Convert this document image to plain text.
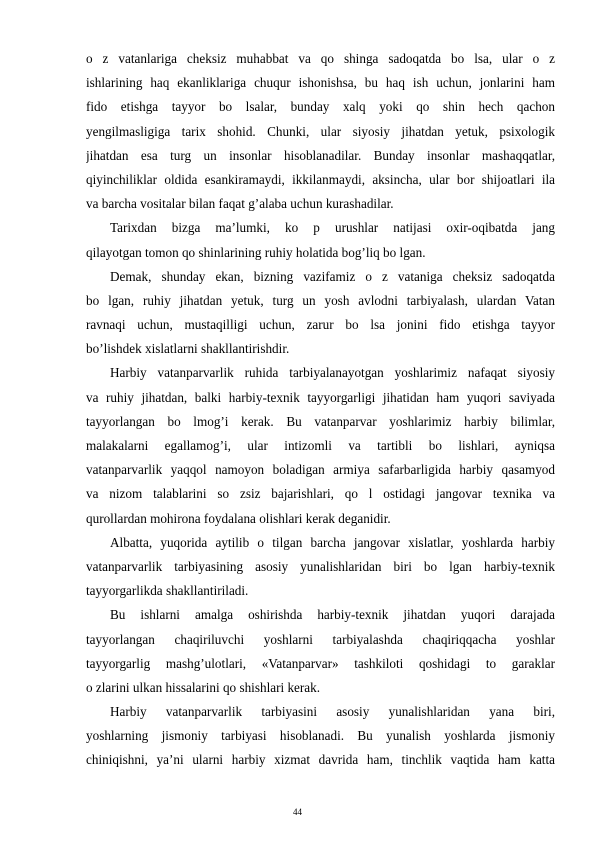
o z vatanlariga cheksiz muhabbat va qo shinga sadoqatda bo lsa, ular o z
ishlarining haq ekanliklariga chuqur ishonishsa, bu haq ish uchun, jonlarini ham
fido etishga tayyor bo lsalar, bunday xalq yoki qo shin hech qachon
yengilmasligiga tarix shohid. Chunki, ular siyosiy jihatdan yetuk, psixologik
jihatdan esa turg un insonlar hisoblanadilar. Bunday insonlar mashaqqatlar,
qiyinchiliklar oldida esankiramaydi, ikkilanmaydi, aksincha, ular bor shijoatlari ila
va barcha vositalar bilan faqat g’alaba uchun kurashadilar.
Tarixdan bizga ma’lumki, ko p urushlar natijasi oxir-oqibatda jang
qilayotgan tomon qo shinlarining ruhiy holatida bog’liq bo lgan.
Demak, shunday ekan, bizning vazifamiz o z vataniga cheksiz sadoqatda
bo lgan, ruhiy jihatdan yetuk, turg un yosh avlodni tarbiyalash, ulardan Vatan
ravnaqi uchun, mustaqilligi uchun, zarur bo lsa jonini fido etishga tayyor
bo’lishdek xislatlarni shakllantirishdir.
Harbiy vatanparvarlik ruhida tarbiyalanayotgan yoshlarimiz nafaqat siyosiy
va ruhiy jihatdan, balki harbiy-texnik tayyorgarligi jihatidan ham yuqori saviyada
tayyorlangan bo lmog’i kerak. Bu vatanparvar yoshlarimiz harbiy bilimlar,
malakalarni egallamog’i, ular intizomli va tartibli bo lishlari, ayniqsa
vatanparvarlik yaqqol namoyon boladigan armiya safarbarligida harbiy qasamyod
va nizom talablarini so zsiz bajarishlari, qo l ostidagi jangovar texnika va
qurollardan mohirona foydalana olishlari kerak deganidir.
Albatta, yuqorida aytilib o tilgan barcha jangovar xislatlar, yoshlarda harbiy
vatanparvarlik tarbiyasining asosiy yunalishlaridan biri bo lgan harbiy-texnik
tayyorgarlikda shakllantiriladi.
Bu ishlarni amalga oshirishda harbiy-texnik jihatdan yuqori darajada
tayyorlangan chaqiriluvchi yoshlarni tarbiyalashda chaqiriqqacha yoshlar
tayyorgarlig mashg’ulotlari, «Vatanparvar» tashkiloti qoshidagi to garaklar
o zlarini ulkan hissalarini qo shishlari kerak.
Harbiy vatanparvarlik tarbiyasini asosiy yunalishlaridan yana biri,
yoshlarning jismoniy tarbiyasi hisoblanadi. Bu yunalish yoshlarda jismoniy
chiniqishni, ya’ni ularni harbiy xizmat davrida ham, tinchlik vaqtida ham katta
44
